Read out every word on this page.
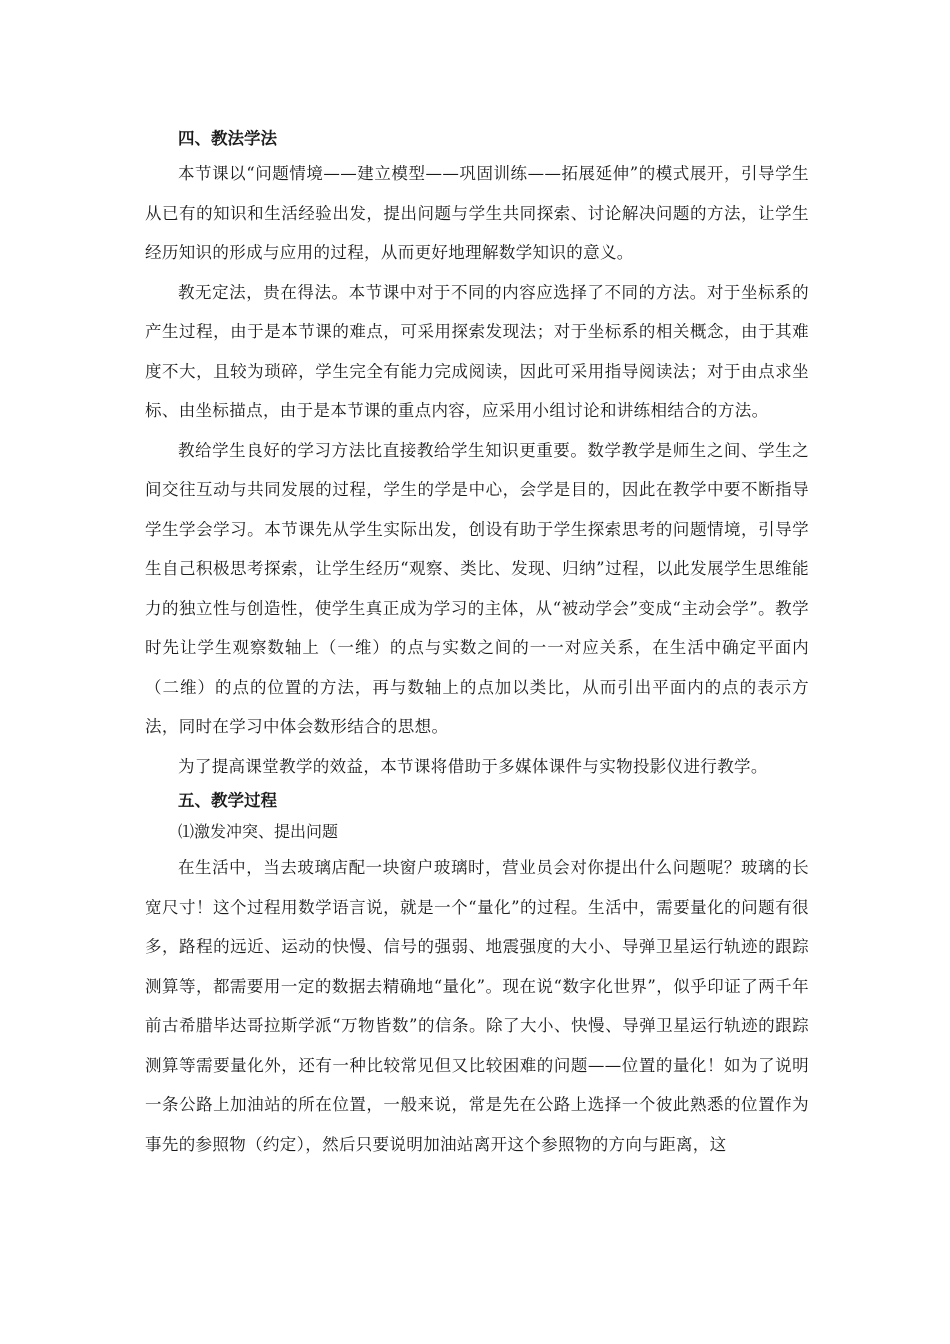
四、教法学法

本节课以“问题情境——建立模型——巩固训练——拓展延伸”的模式展开，引导学生从已有的知识和生活经验出发，提出问题与学生共同探索、讨论解决问题的方法，让学生经历知识的形成与应用的过程，从而更好地理解数学知识的意义。

教无定法，贵在得法。本节课中对于不同的内容应选择了不同的方法。对于坐标系的产生过程，由于是本节课的难点，可采用探索发现法；对于坐标系的相关概念，由于其难度不大，且较为琐碎，学生完全有能力完成阅读，因此可采用指导阅读法；对于由点求坐标、由坐标描点，由于是本节课的重点内容，应采用小组讨论和讲练相结合的方法。

教给学生良好的学习方法比直接教给学生知识更重要。数学教学是师生之间、学生之间交往互动与共同发展的过程，学生的学是中心，会学是目的，因此在教学中要不断指导学生学会学习。本节课先从学生实际出发，创设有助于学生探索思考的问题情境，引导学生自己积极思考探索，让学生经历“观察、类比、发现、归纳”过程，以此发展学生思维能力的独立性与创造性，使学生真正成为学习的主体，从“被动学会”变成“主动会学”。教学时先让学生观察数轴上（一维）的点与实数之间的一一对应关系，在生活中确定平面内（二维）的点的位置的方法，再与数轴上的点加以类比，从而引出平面内的点的表示方法，同时在学习中体会数形结合的思想。

为了提高课堂教学的效益，本节课将借助于多媒体课件与实物投影仪进行教学。

五、教学过程
⑴激发冲突、提出问题

在生活中，当去玻璃店配一块窗户玻璃时，营业员会对你提出什么问题呢？玻璃的长宽尺寸！这个过程用数学语言说，就是一个“量化”的过程。生活中，需要量化的问题有很多，路程的远近、运动的快慢、信号的强弱、地震强度的大小、导弹卫星运行轨迹的跟踪测算等，都需要用一定的数据去精确地“量化”。现在说“数字化世界”，似乎印证了两千年前古希腊毕达哥拉斯学派“万物皆数”的信条。除了大小、快慢、导弹卫星运行轨迹的跟踪测算等需要量化外，还有一种比较常见但又比较困难的问题——位置的量化！如为了说明一条公路上加油站的所在位置，一般来说，常是先在公路上选择一个彼此熟悉的位置作为事先的参照物（约定），然后只要说明加油站离开这个参照物的方向与距离，这
